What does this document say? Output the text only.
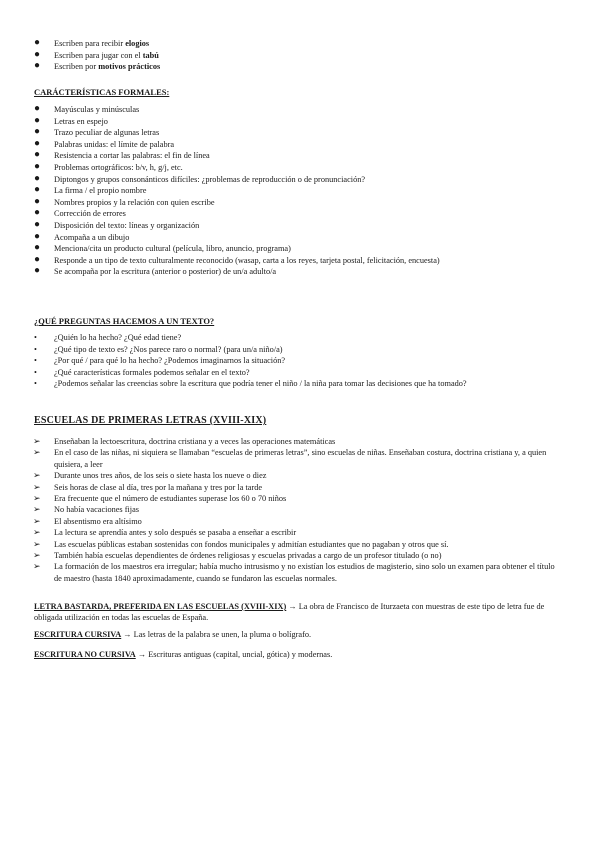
● Escriben para recibir elogios
● Escriben para jugar con el tabú
● Escriben por motivos prácticos
CARÁCTERÍSTICAS FORMALES:
● Mayúsculas y minúsculas
● Letras en espejo
● Trazo peculiar de algunas letras
● Palabras unidas: el límite de palabra
● Resistencia a cortar las palabras: el fin de línea
● Problemas ortográficos: b/v, h, g/j, etc.
● Diptongos y grupos consonánticos difíciles: ¿problemas de reproducción o de pronunciación?
● La firma / el propio nombre
● Nombres propios y la relación con quien escribe
● Corrección de errores
● Disposición del texto: líneas y organización
● Acompaña a un dibujo
● Menciona/cita un producto cultural (película, libro, anuncio, programa)
● Responde a un tipo de texto culturalmente reconocido (wasap, carta a los reyes, tarjeta postal, felicitación, encuesta)
● Se acompaña por la escritura (anterior o posterior) de un/a adulto/a
¿QUÉ PREGUNTAS HACEMOS A UN TEXTO?
• ¿Quién lo ha hecho? ¿Qué edad tiene?
• ¿Qué tipo de texto es? ¿Nos parece raro o normal? (para un/a niño/a)
• ¿Por qué / para qué lo ha hecho? ¿Podemos imaginarnos la situación?
• ¿Qué características formales podemos señalar en el texto?
• ¿Podemos señalar las creencias sobre la escritura que podría tener el niño / la niña para tomar las decisiones que ha tomado?
ESCUELAS DE PRIMERAS LETRAS (XVIII-XIX)
➢ Enseñaban la lectoescritura, doctrina cristiana y a veces las operaciones matemáticas
➢ En el caso de las niñas, ni siquiera se llamaban “escuelas de primeras letras”, sino escuelas de niñas. Enseñaban costura, doctrina cristiana y, a quien quisiera, a leer
➢ Durante unos tres años, de los seis o siete hasta los nueve o diez
➢ Seis horas de clase al día, tres por la mañana y tres por la tarde
➢ Era frecuente que el número de estudiantes superase los 60 o 70 niños
➢ No había vacaciones fijas
➢ El absentismo era altísimo
➢ La lectura se aprendía antes y solo después se pasaba a enseñar a escribir
➢ Las escuelas públicas estaban sostenidas con fondos municipales y admitían estudiantes que no pagaban y otros que sí.
➢ También había escuelas dependientes de órdenes religiosas y escuelas privadas a cargo de un profesor titulado (o no)
➢ La formación de los maestros era irregular; había mucho intrusismo y no existían los estudios de magisterio, sino solo un examen para obtener el título de maestro (hasta 1840 aproximadamente, cuando se fundaron las escuelas normales.
LETRA BASTARDA, PREFERIDA EN LAS ESCUELAS (XVIII-XIX) → La obra de Francisco de Iturzaeta con muestras de este tipo de letra fue de obligada utilización en todas las escuelas de España.
ESCRITURA CURSIVA → Las letras de la palabra se unen, la pluma o bolígrafo.
ESCRITURA NO CURSIVA → Escrituras antiguas (capital, uncial, gótica) y modernas.
